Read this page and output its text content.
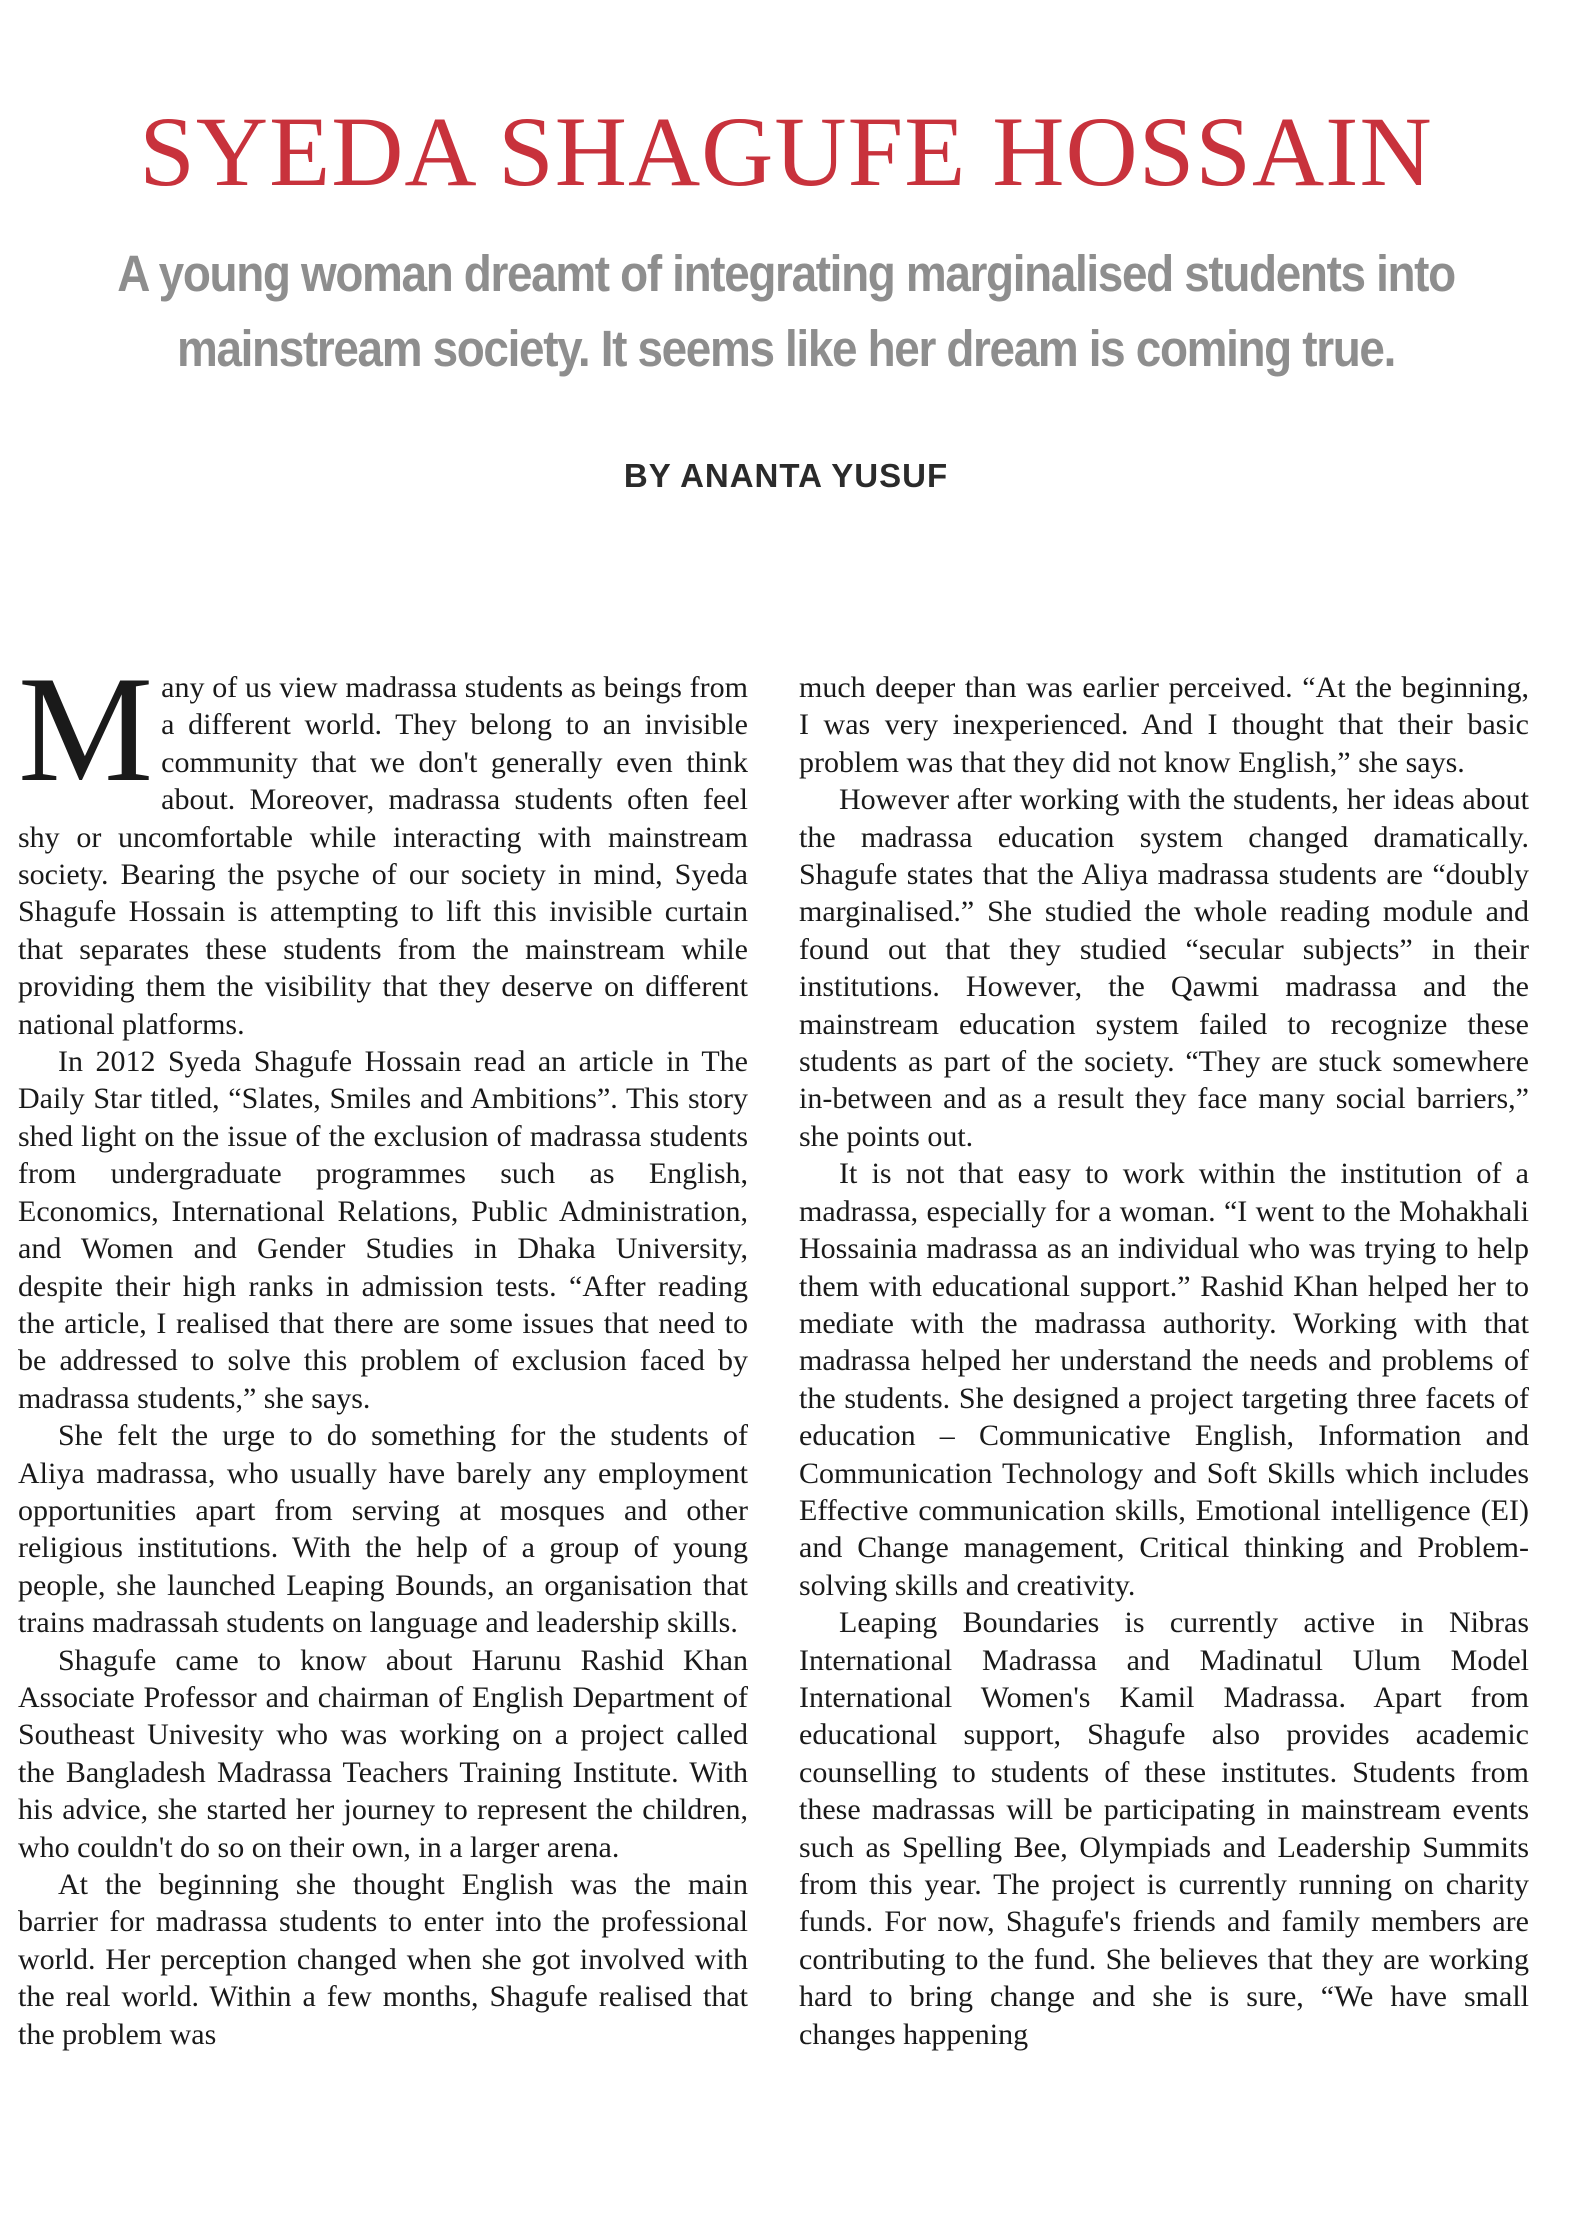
SYEDA SHAGUFE HOSSAIN

A young woman dreamt of integrating marginalised students into mainstream society. It seems like her dream is coming true.

BY ANANTA YUSUF

Many of us view madrassa students as beings from a different world. They belong to an invisible community that we don't generally even think about. Moreover, madrassa students often feel shy or uncomfortable while interacting with mainstream society. Bearing the psyche of our society in mind, Syeda Shagufe Hossain is attempting to lift this invisible curtain that separates these students from the mainstream while providing them the visibility that they deserve on different national platforms.

In 2012 Syeda Shagufe Hossain read an article in The Daily Star titled, “Slates, Smiles and Ambitions”. This story shed light on the issue of the exclusion of madrassa students from undergraduate programmes such as English, Economics, International Relations, Public Administration, and Women and Gender Studies in Dhaka University, despite their high ranks in admission tests. “After reading the article, I realised that there are some issues that need to be addressed to solve this problem of exclusion faced by madrassa students,” she says.

She felt the urge to do something for the students of Aliya madrassa, who usually have barely any employment opportunities apart from serving at mosques and other religious institutions. With the help of a group of young people, she launched Leaping Bounds, an organisation that trains madrassah students on language and leadership skills.

Shagufe came to know about Harunu Rashid Khan Associate Professor and chairman of English Department of Southeast Univesity who was working on a project called the Bangladesh Madrassa Teachers Training Institute. With his advice, she started her journey to represent the children, who couldn't do so on their own, in a larger arena.

At the beginning she thought English was the main barrier for madrassa students to enter into the professional world. Her perception changed when she got involved with the real world. Within a few months, Shagufe realised that the problem was

much deeper than was earlier perceived. “At the beginning, I was very inexperienced. And I thought that their basic problem was that they did not know English,” she says.

However after working with the students, her ideas about the madrassa education system changed dramatically. Shagufe states that the Aliya madrassa students are “doubly marginalised.” She studied the whole reading module and found out that they studied “secular subjects” in their institutions. However, the Qawmi madrassa and the mainstream education system failed to recognize these students as part of the society. “They are stuck somewhere in-between and as a result they face many social barriers,” she points out.

It is not that easy to work within the institution of a madrassa, especially for a woman. “I went to the Mohakhali Hossainia madrassa as an individual who was trying to help them with educational support.” Rashid Khan helped her to mediate with the madrassa authority. Working with that madrassa helped her understand the needs and problems of the students. She designed a project targeting three facets of education – Communicative English, Information and Communication Technology and Soft Skills which includes Effective communication skills, Emotional intelligence (EI) and Change management, Critical thinking and Problem-solving skills and creativity.

Leaping Boundaries is currently active in Nibras International Madrassa and Madinatul Ulum Model International Women's Kamil Madrassa. Apart from educational support, Shagufe also provides academic counselling to students of these institutes. Students from these madrassas will be participating in mainstream events such as Spelling Bee, Olympiads and Leadership Summits from this year. The project is currently running on charity funds. For now, Shagufe's friends and family members are contributing to the fund. She believes that they are working hard to bring change and she is sure, “We have small changes happening
